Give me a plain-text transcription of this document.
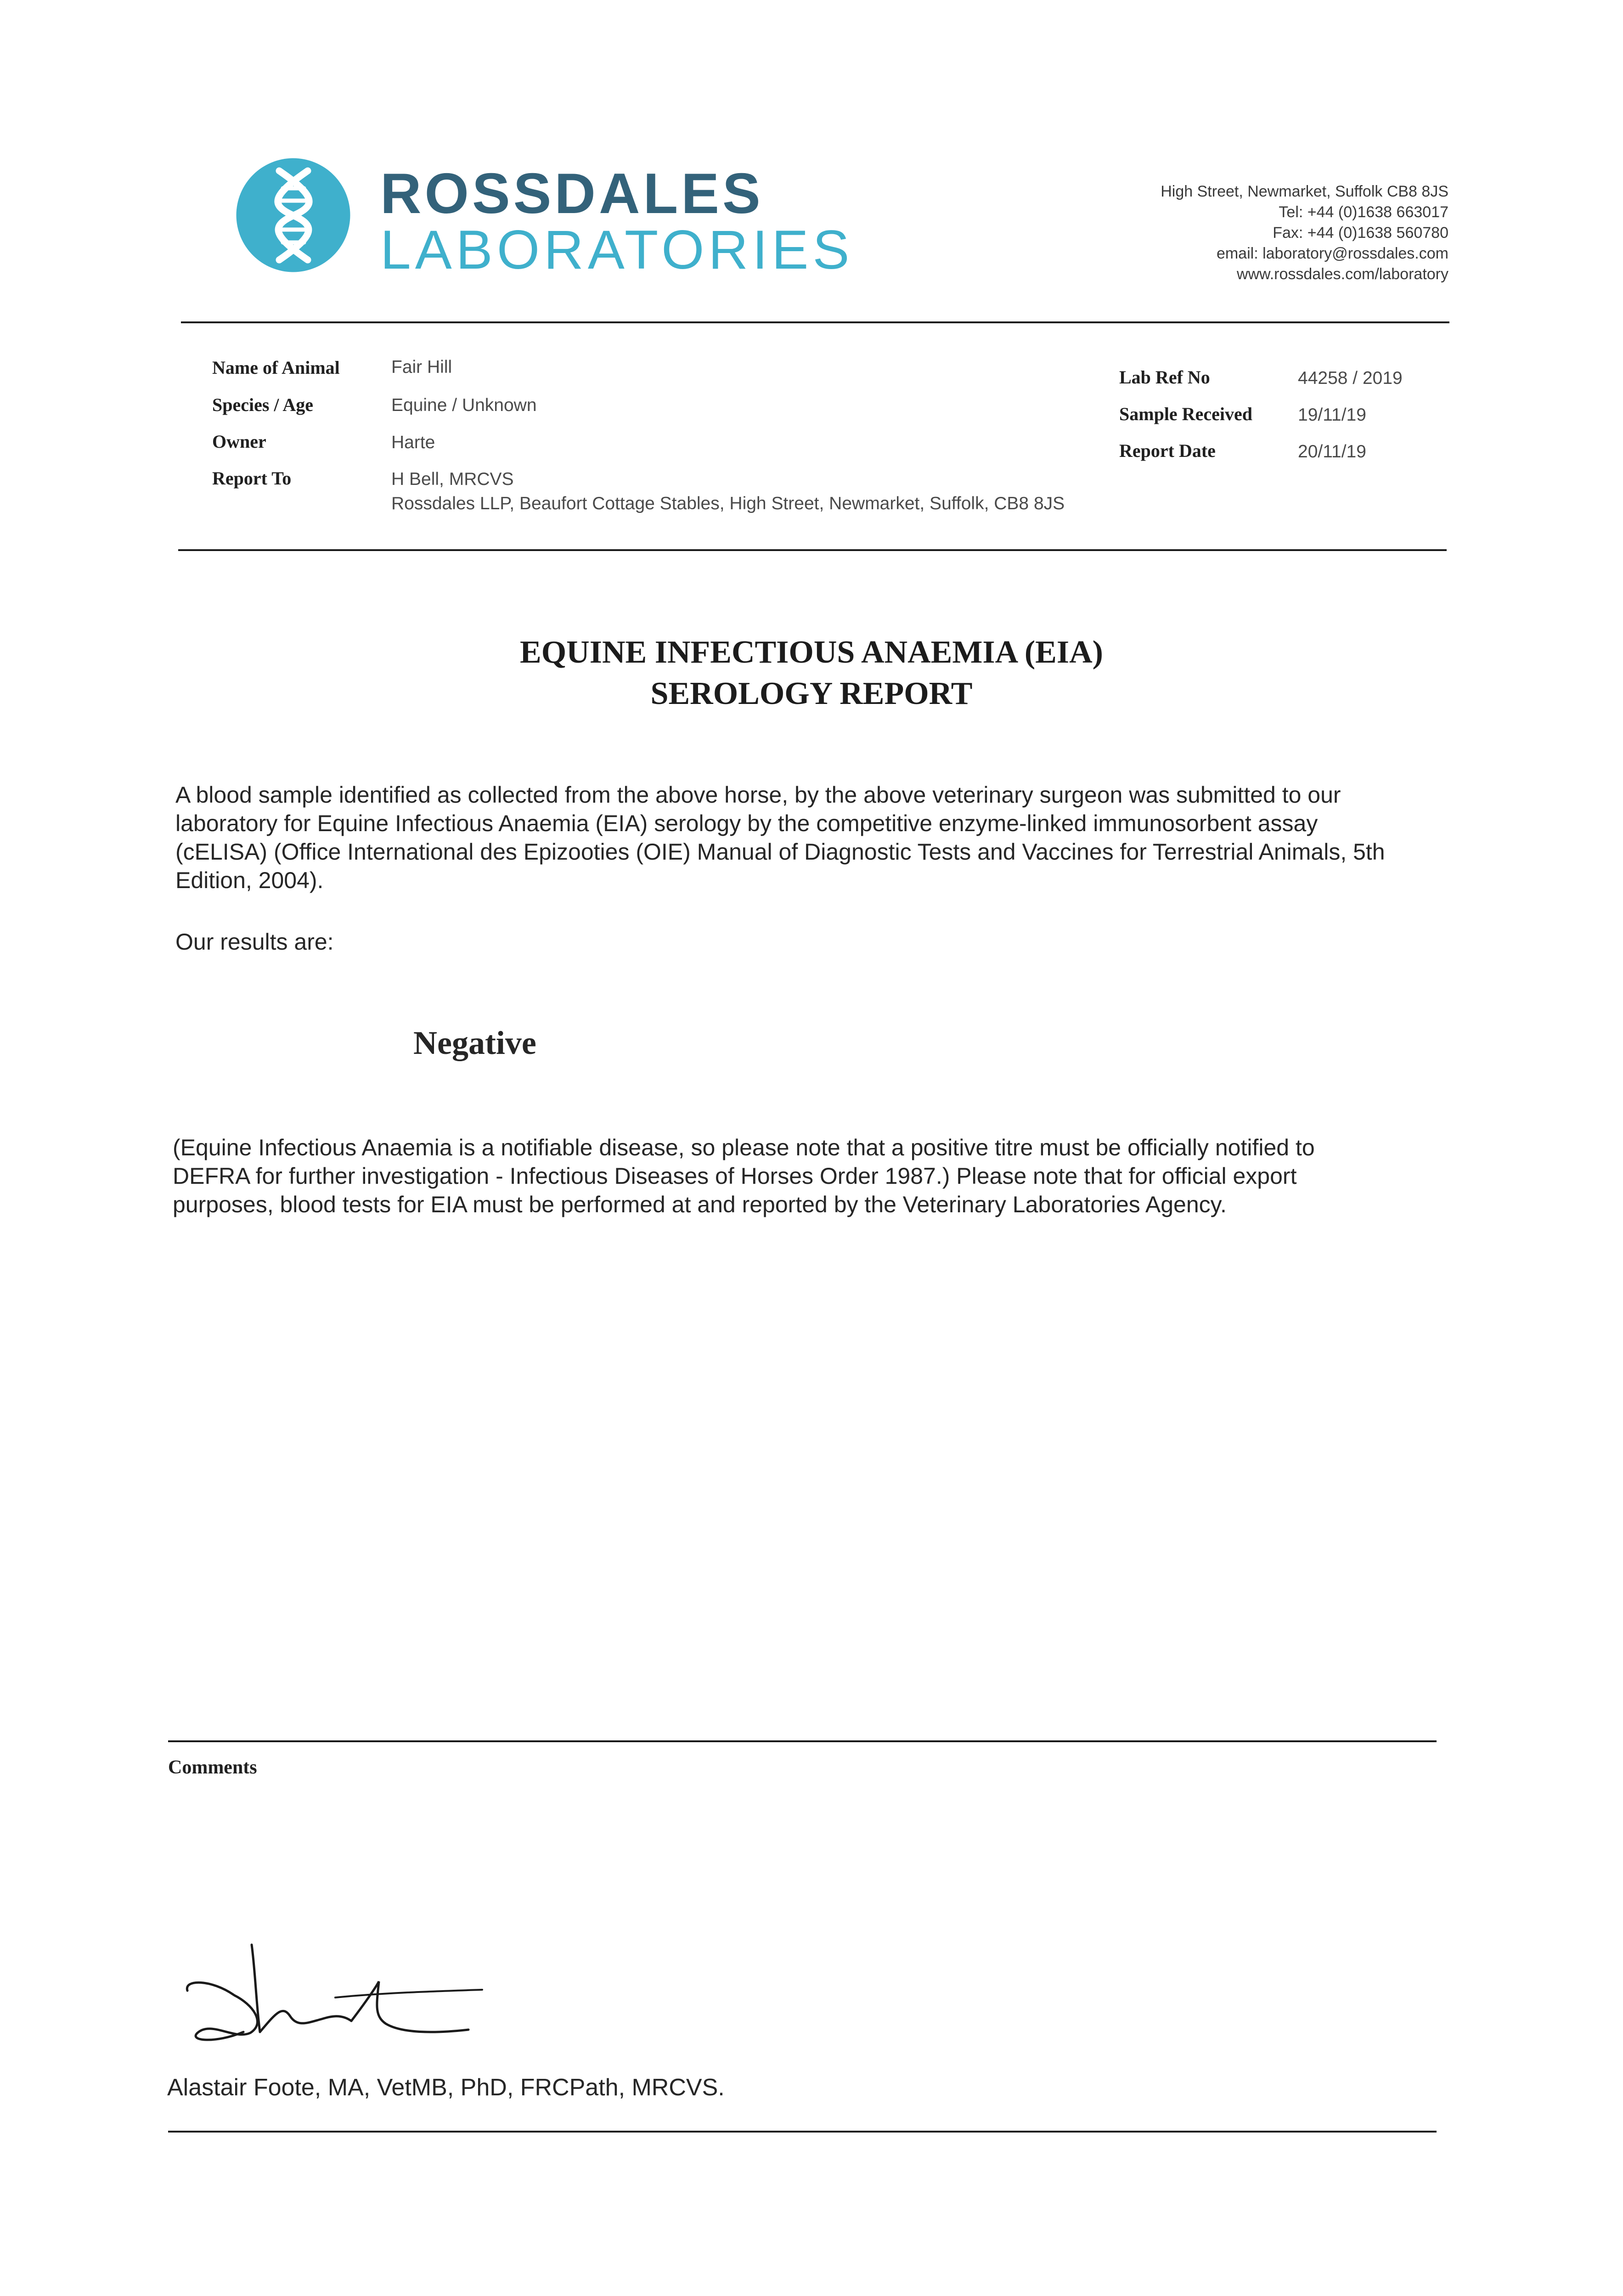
ROSSDALES
LABORATORIES
High Street, Newmarket, Suffolk CB8 8JS
Tel: +44 (0)1638 663017
Fax: +44 (0)1638 560780
email: laboratory@rossdales.com
www.rossdales.com/laboratory
Name of Animal	Fair Hill
Species / Age	Equine / Unknown
Owner	Harte
Report To	H Bell, MRCVS
Rossdales LLP, Beaufort Cottage Stables, High Street, Newmarket, Suffolk, CB8 8JS
Lab Ref No	44258 / 2019
Sample Received	19/11/19
Report Date	20/11/19
EQUINE INFECTIOUS ANAEMIA (EIA)
SEROLOGY REPORT
A blood sample identified as collected from the above horse, by the above veterinary surgeon was submitted to our
laboratory for Equine Infectious Anaemia (EIA) serology by the competitive enzyme-linked immunosorbent assay
(cELISA) (Office International des Epizooties (OIE) Manual of Diagnostic Tests and Vaccines for Terrestrial Animals, 5th
Edition, 2004).
Our results are:
Negative
(Equine Infectious Anaemia is a notifiable disease, so please note that a positive titre must be officially notified to
DEFRA for further investigation - Infectious Diseases of Horses Order 1987.) Please note that for official export
purposes, blood tests for EIA must be performed at and reported by the Veterinary Laboratories Agency.
Comments
Alastair Foote, MA, VetMB, PhD, FRCPath, MRCVS.
